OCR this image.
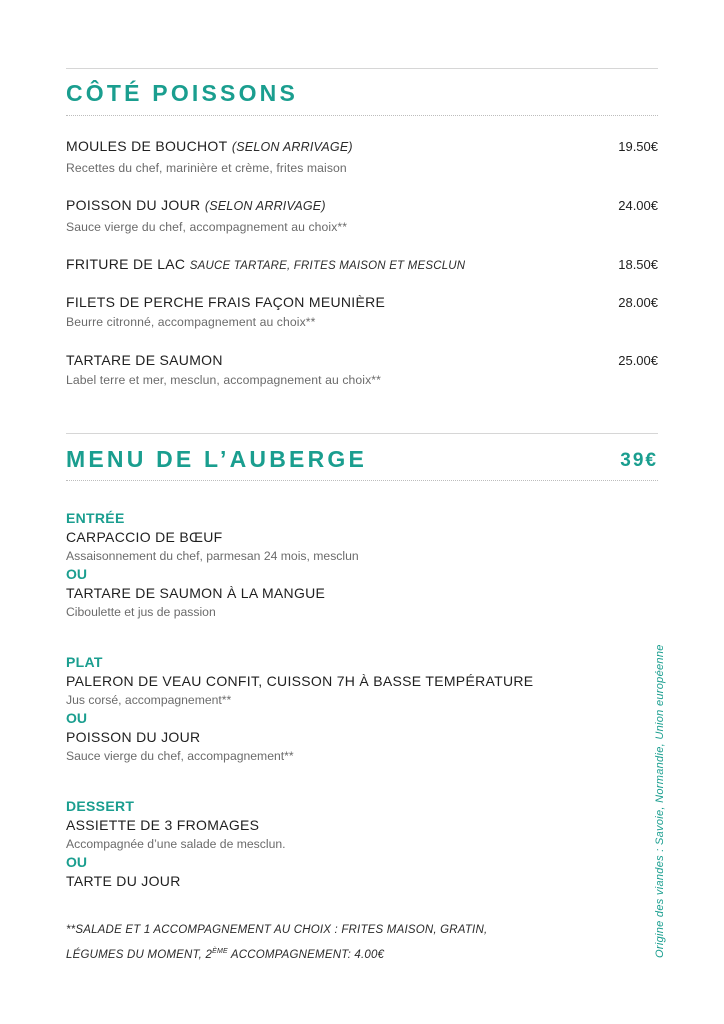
CÔTÉ POISSONS
MOULES DE BOUCHOT (SELON ARRIVAGE)	19.50€
Recettes du chef, marinière et crème, frites maison
POISSON DU JOUR (SELON ARRIVAGE)	24.00€
Sauce vierge du chef, accompagnement au choix**
FRITURE DE LAC SAUCE TARTARE, FRITES MAISON ET MESCLUN	18.50€
FILETS DE PERCHE FRAIS FAÇON MEUNIÈRE	28.00€
Beurre citronné, accompagnement au choix**
TARTARE DE SAUMON	25.00€
Label terre et mer, mesclun, accompagnement au choix**
MENU DE L’AUBERGE	39€
ENTRÉE
CARPACCIO DE BŒUF
Assaisonnement du chef, parmesan 24 mois, mesclun
OU
TARTARE DE SAUMON À LA MANGUE
Ciboulette et jus de passion
PLAT
PALERON DE VEAU CONFIT, CUISSON 7H À BASSE TEMPÉRATURE
Jus corsé, accompagnement**
OU
POISSON DU JOUR
Sauce vierge du chef, accompagnement**
DESSERT
ASSIETTE DE 3 FROMAGES
Accompagnée d’une salade de mesclun.
OU
TARTE DU JOUR
**SALADE ET 1 ACCOMPAGNEMENT AU CHOIX : FRITES MAISON, GRATIN,
LÉGUMES DU MOMENT, 2ÈME ACCOMPAGNEMENT: 4.00€	Origine des viandes : Savoie, Normandie, Union européenne
